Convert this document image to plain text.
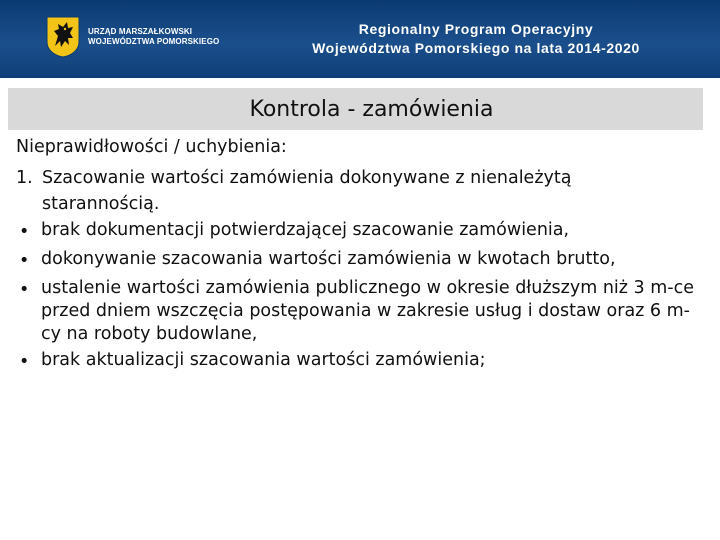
URZĄD MARSZAŁKOWSKI
WOJEWÓDZTWA POMORSKIEGO
Regionalny Program Operacyjny
Województwa Pomorskiego na lata 2014-2020
Kontrola - zamówienia
Nieprawidłowości / uchybienia:
1. Szacowanie wartości zamówienia dokonywane z nienależytą
starannością.
• brak dokumentacji potwierdzającej szacowanie zamówienia,
• dokonywanie szacowania wartości zamówienia w kwotach brutto,
• ustalenie wartości zamówienia publicznego w okresie dłuższym niż 3 m-ce przed dniem wszczęcia postępowania w zakresie usług i dostaw oraz 6 m-cy na roboty budowlane,
• brak aktualizacji szacowania wartości zamówienia;
